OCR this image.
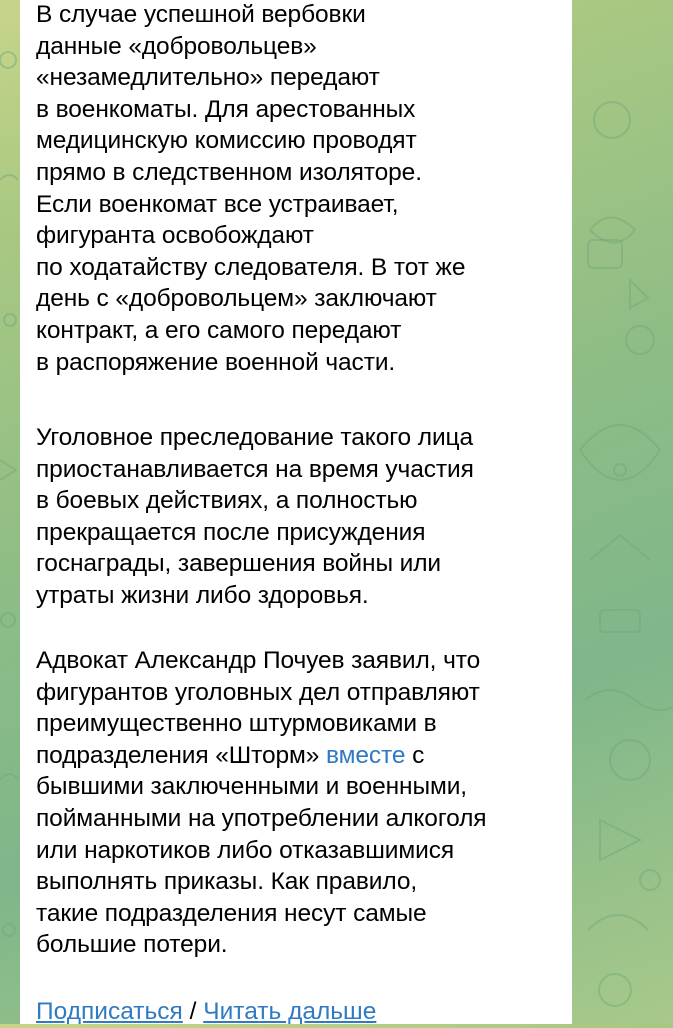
В случае успешной вербовки
данные «добровольцев»
«незамедлительно» передают
в военкоматы. Для арестованных
медицинскую комиссию проводят
прямо в следственном изоляторе.
Если военкомат все устраивает,
фигуранта освобождают
по ходатайству следователя. В тот же
день с «добровольцем» заключают
контракт, а его самого передают
в распоряжение военной части.

Уголовное преследование такого лица
приостанавливается на время участия
в боевых действиях, а полностью
прекращается после присуждения
госнаграды, завершения войны или
утраты жизни либо здоровья.

Адвокат Александр Почуев заявил, что
фигурантов уголовных дел отправляют
преимущественно штурмовиками в
подразделения «Шторм» вместе с
бывшими заключенными и военными,
пойманными на употреблении алкоголя
или наркотиков либо отказавшимися
выполнять приказы. Как правило,
такие подразделения несут самые
большие потери.

Подписаться / Читать дальше
